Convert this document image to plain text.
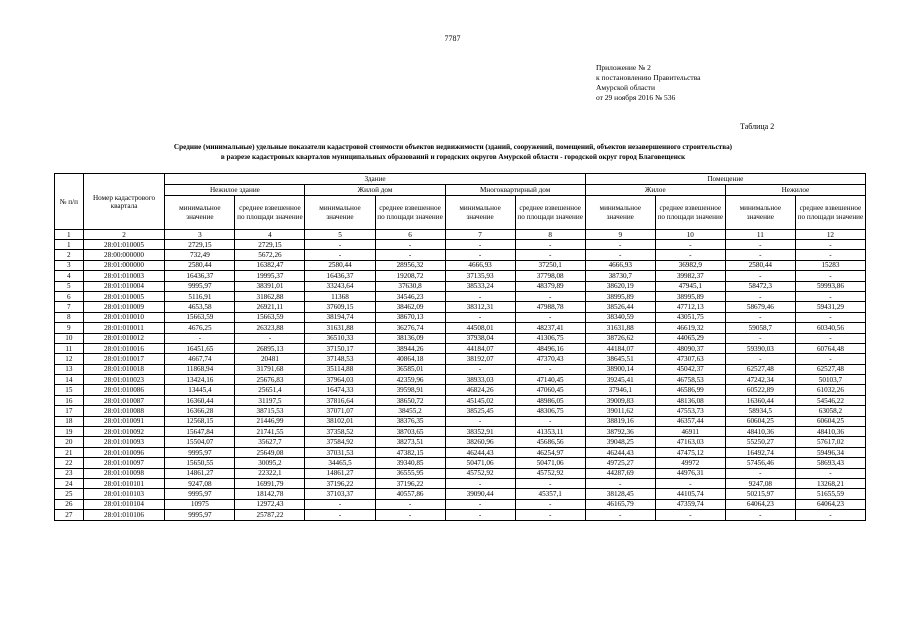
7787
Приложение № 2
к постановлению Правительства
Амурской области
от 29 ноября 2016 № 536
Таблица 2
Средние (минимальные) удельные показатели кадастровой стоимости объектов недвижимости (зданий, сооружений, помещений, объектов незавершенного строительства)
в разрезе кадастровых кварталов муниципальных образований и городских округов Амурской области - городской округ город Благовещенск
№ п/п	Номер кадастрового квартала	Здание						Помещение			
		Нежилое здание		Жилой дом		Многоквартирный дом		Жилое		Нежилое	
		минимальное значение	среднее взвешенное по площади значение	минимальное значение	среднее взвешенное по площади значение	минимальное значение	среднее взвешенное по площади значение	минимальное значение	среднее взвешенное по площади значение	минимальное значение	среднее взвешенное по площади значение
1	2	3	4	5	6	7	8	9	10	11	12
1	28:01:010005	2729,15	2729,15	-	-	-	-	-	-	-	-
2	28:00:000000	732,49	5672,26	-	-	-	-	-	-	-	-
3	28:01:000000	2580,44	16382,47	2580,44	28956,32	4666,93	37250,1	4666,93	36982,9	2580,44	15283
4	28:01:010003	16436,37	19995,37	16436,37	19208,72	37135,93	37798,08	38730,7	39982,37	-	-
5	28:01:010004	9995,97	38391,01	33243,64	37630,8	38533,24	48379,89	38620,19	47945,1	58472,3	59993,86
6	28:01:010005	5116,91	31862,88	11368	34546,23	-	-	38995,89	38995,89	-	-
7	28:01:010009	4653,58	26921,11	37609,15	38462,09	38312,31	47988,78	38526,44	47712,13	58679,46	59431,29
8	28:01:010010	15663,59	15663,59	38194,74	38670,13	-	-	38340,59	43051,75	-	-
9	28:01:010011	4676,25	26323,88	31631,88	36276,74	44508,01	48237,41	31631,88	46619,32	59058,7	60340,56
10	28:01:010012	-	-	36510,33	38136,09	37938,04	41306,75	38726,62	44065,29	-	-
11	28:01:010016	16451,65	26895,13	37150,17	38944,26	44184,07	48496,16	44184,07	48090,37	59390,03	60764,48
12	28:01:010017	4667,74	20481	37148,53	40864,18	38192,07	47370,43	38645,51	47307,63	-	-
13	28:01:010018	11868,94	31791,68	35114,88	36585,01	-	-	38900,14	45042,37	62527,48	62527,48
14	28:01:010023	13424,16	25676,83	37964,03	42359,96	38933,03	47140,45	39245,41	46758,53	47242,34	50103,7
15	28:01:010086	13445,4	25651,4	16474,33	39598,91	46824,26	47060,45	37946,1	46586,99	60522,89	61032,26
16	28:01:010087	16360,44	31197,5	37816,64	38650,72	45145,02	48986,05	39009,83	48136,08	16360,44	54546,22
17	28:01:010088	16366,28	38715,53	37071,07	38455,2	38525,45	48306,75	39011,62	47553,73	58934,5	63058,2
18	28:01:010091	12568,15	21446,99	38102,01	38376,35	-	-	38819,16	46357,44	60604,25	60604,25
19	28:01:010092	15647,84	21741,55	37358,52	38703,65	38352,91	41353,11	38792,36	46911	48410,36	48410,36
20	28:01:010093	15504,07	35627,7	37584,92	38273,51	38260,96	45686,56	39048,25	47163,03	55250,27	57617,02
21	28:01:010096	9995,97	25649,08	37031,53	47382,15	46244,43	46254,97	46244,43	47475,12	16492,74	59496,34
22	28:01:010097	15650,55	30095,2	34465,5	39340,85	50471,06	50471,06	49725,27	49972	57456,46	58693,43
23	28:01:010098	14861,27	22322,1	14861,27	36555,95	45752,92	45752,92	44287,69	44976,31	-	-
24	28:01:010101	9247,08	16991,79	37196,22	37196,22	-	-	-	-	9247,08	13268,21
25	28:01:010103	9995,97	18142,78	37103,37	40557,86	39090,44	45357,1	38128,45	44105,74	50215,97	51655,59
26	28:01:010104	10975	12972,43	-	-	-	-	46165,79	47359,74	64064,23	64064,23
27	28:01:010106	9995,97	25787,22	-	-	-	-	-	-	-	-
